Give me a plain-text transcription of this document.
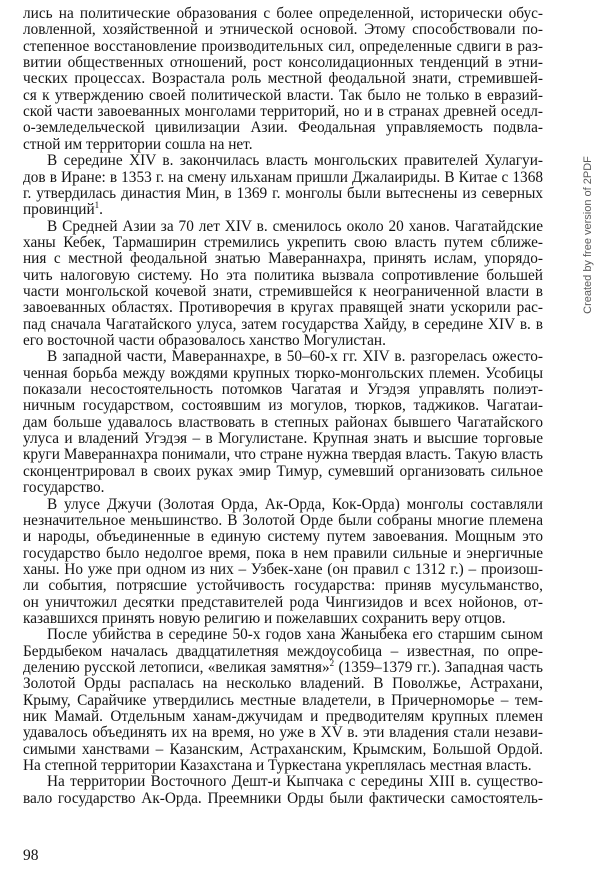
лись на политические образования с более определенной, исторически обус-
ловленной, хозяйственной и этнической основой. Этому способствовали по-
степенное восстановление производительных сил, определенные сдвиги в раз-
витии общественных отношений, рост консолидационных тенденций в этни-
ческих процессах. Возрастала роль местной феодальной знати, стремившей-
ся к утверждению своей политической власти. Так было не только в евразий-
ской части завоеванных монголами территорий, но и в странах древней оседл-
о-земледельческой цивилизации Азии. Феодальная управляемость подвла-
стной им территории сошла на нет.
В середине XIV в. закончилась власть монгольских правителей Хулагуи-
дов в Иране: в 1353 г. на смену ильханам пришли Джалаириды. В Китае с 1368
г. утвердилась династия Мин, в 1369 г. монголы были вытеснены из северных
провинций$^1$.
В Средней Азии за 70 лет XIV в. сменилось около 20 ханов. Чагатайдские
ханы Кебек, Тармаширин стремились укрепить свою власть путем сближе-
ния с местной феодальной знатью Мавераннахра, принять ислам, упорядо-
чить налоговую систему. Но эта политика вызвала сопротивление большей
части монгольской кочевой знати, стремившейся к неограниченной власти в
завоеванных областях. Противоречия в кругах правящей знати ускорили рас-
пад сначала Чагатайского улуса, затем государства Хайду, в середине XIV в. в
его восточной части образовалось ханство Могулистан.
В западной части, Мавераннахре, в 50–60-х гг. XIV в. разгорелась ожесто-
ченная борьба между вождями крупных тюрко-монгольских племен. Усобицы
показали несостоятельность потомков Чагатая и Угэдэя управлять полиэт-
ничным государством, состоявшим из могулов, тюрков, таджиков. Чагатаи-
дам больше удавалось властвовать в степных районах бывшего Чагатайского
улуса и владений Угэдэя – в Могулистане. Крупная знать и высшие торговые
круги Мавераннахра понимали, что стране нужна твердая власть. Такую власть
сконцентрировал в своих руках эмир Тимур, сумевший организовать сильное
государство.
В улусе Джучи (Золотая Орда, Ак-Орда, Кок-Орда) монголы составляли
незначительное меньшинство. В Золотой Орде были собраны многие племена
и народы, объединенные в единую систему путем завоевания. Мощным это
государство было недолгое время, пока в нем правили сильные и энергичные
ханы. Но уже при одном из них – Узбек-хане (он правил с 1312 г.) – произош-
ли события, потрясшие устойчивость государства: приняв мусульманство,
он уничтожил десятки представителей рода Чингизидов и всех нойонов, от-
казавшихся принять новую религию и пожелавших сохранить веру отцов.
После убийства в середине 50-х годов хана Жаныбека его старшим сыном
Бердыбеком началась двадцатилетняя междоусобица – известная, по опре-
делению русской летописи, «великая замятня»$^2$ (1359–1379 гг.). Западная часть
Золотой Орды распалась на несколько владений. В Поволжье, Астрахани,
Крыму, Сарайчике утвердились местные владетели, в Причерноморье – тем-
ник Мамай. Отдельным ханам-джучидам и предводителям крупных племен
удавалось объединять их на время, но уже в XV в. эти владения стали незави-
симыми ханствами – Казанским, Астраханским, Крымским, Большой Ордой.
На степной территории Казахстана и Туркестана укреплялась местная власть.
На территории Восточного Дешт-и Кыпчака с середины XIII в. существо-
вало государство Ак-Орда. Преемники Орды были фактически самостоятель-
98
Created by free version of 2PDF
